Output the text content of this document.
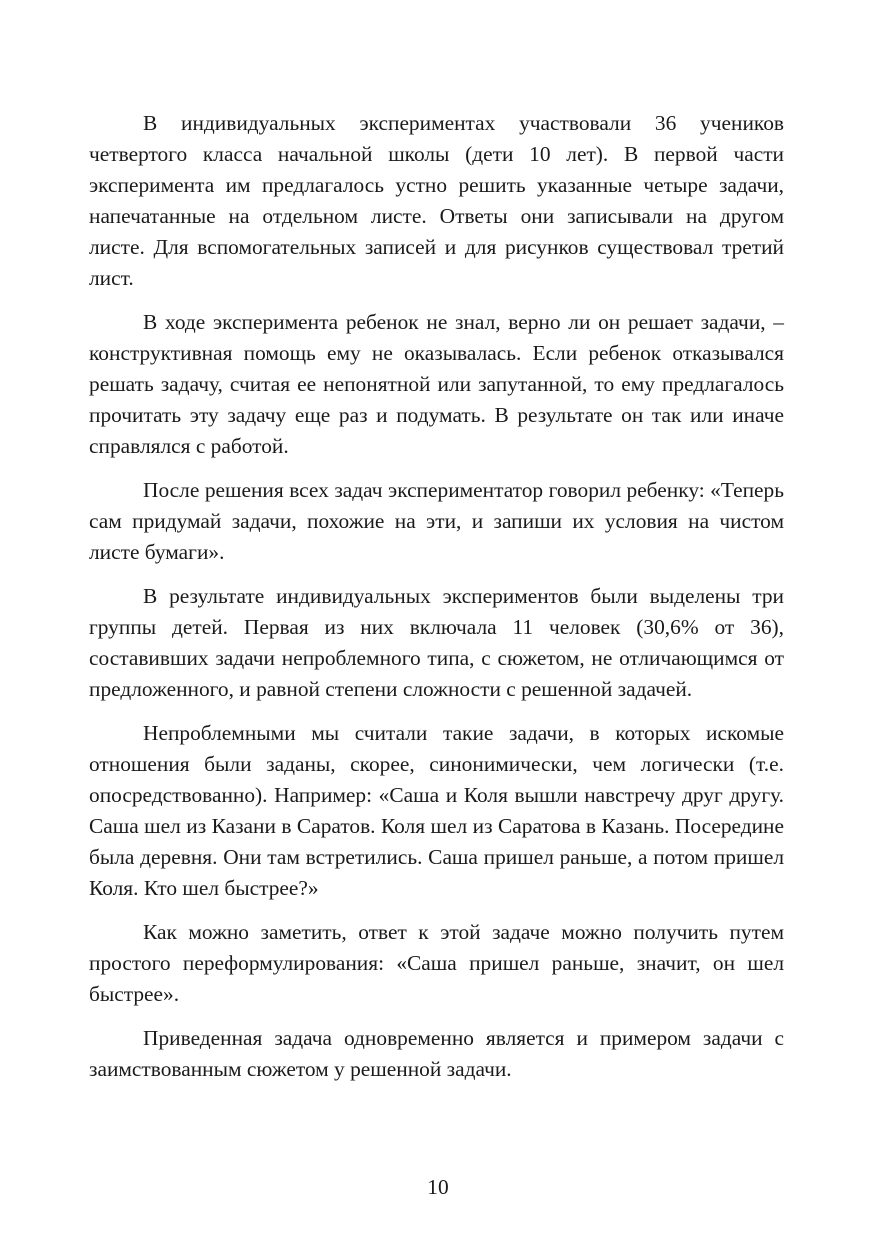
В индивидуальных экспериментах участвовали 36 учеников четвертого класса начальной школы (дети 10 лет). В первой части эксперимента им предлагалось устно решить указанные четыре задачи, напечатанные на отдельном листе. Ответы они записывали на другом листе. Для вспомогательных записей и для рисунков существовал третий лист.

В ходе эксперимента ребенок не знал, верно ли он решает задачи, – конструктивная помощь ему не оказывалась. Если ребенок отказывался решать задачу, считая ее непонятной или запутанной, то ему предлагалось прочитать эту задачу еще раз и подумать. В результате он так или иначе справлялся с работой.

После решения всех задач экспериментатор говорил ребенку: «Теперь сам придумай задачи, похожие на эти, и запиши их условия на чистом листе бумаги».

В результате индивидуальных экспериментов были выделены три группы детей. Первая из них включала 11 человек (30,6% от 36), составивших задачи непроблемного типа, с сюжетом, не отличающимся от предложенного, и равной степени сложности с решенной задачей.

Непроблемными мы считали такие задачи, в которых искомые отношения были заданы, скорее, синонимически, чем логически (т.е. опосредствованно). Например: «Саша и Коля вышли навстречу друг другу. Саша шел из Казани в Саратов. Коля шел из Саратова в Казань. Посередине была деревня. Они там встретились. Саша пришел раньше, а потом пришел Коля. Кто шел быстрее?»

Как можно заметить, ответ к этой задаче можно получить путем простого переформулирования: «Саша пришел раньше, значит, он шел быстрее».

Приведенная задача одновременно является и примером задачи с заимствованным сюжетом у решенной задачи.

10
